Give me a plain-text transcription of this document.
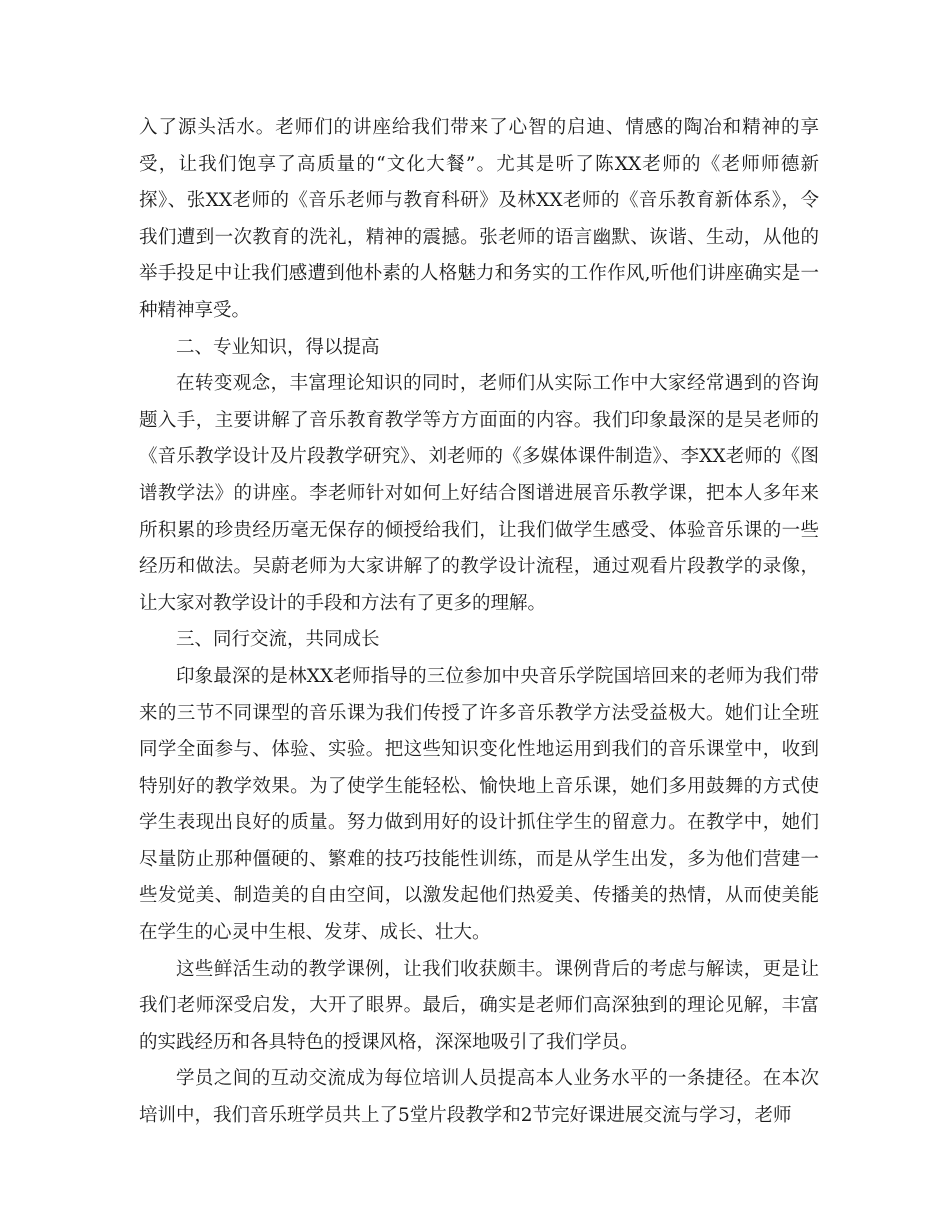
入了源头活水。老师们的讲座给我们带来了心智的启迪、情感的陶冶和精神的享受，让我们饱享了高质量的“文化大餐”。尤其是听了陈XX老师的《老师师德新探》、张XX老师的《音乐老师与教育科研》及林XX老师的《音乐教育新体系》，令我们遭到一次教育的洗礼，精神的震撼。张老师的语言幽默、诙谐、生动，从他的举手投足中让我们感遭到他朴素的人格魅力和务实的工作作风,听他们讲座确实是一种精神享受。

二、专业知识，得以提高

在转变观念，丰富理论知识的同时，老师们从实际工作中大家经常遇到的咨询题入手，主要讲解了音乐教育教学等方方面面的内容。我们印象最深的是吴老师的《音乐教学设计及片段教学研究》、刘老师的《多媒体课件制造》、李XX老师的《图谱教学法》的讲座。李老师针对如何上好结合图谱进展音乐教学课，把本人多年来所积累的珍贵经历毫无保存的倾授给我们，让我们做学生感受、体验音乐课的一些经历和做法。吴蔚老师为大家讲解了的教学设计流程，通过观看片段教学的录像，让大家对教学设计的手段和方法有了更多的理解。

三、同行交流，共同成长

印象最深的是林XX老师指导的三位参加中央音乐学院国培回来的老师为我们带来的三节不同课型的音乐课为我们传授了许多音乐教学方法受益极大。她们让全班同学全面参与、体验、实验。把这些知识变化性地运用到我们的音乐课堂中，收到特别好的教学效果。为了使学生能轻松、愉快地上音乐课，她们多用鼓舞的方式使学生表现出良好的质量。努力做到用好的设计抓住学生的留意力。在教学中，她们尽量防止那种僵硬的、繁难的技巧技能性训练，而是从学生出发，多为他们营建一些发觉美、制造美的自由空间，以激发起他们热爱美、传播美的热情，从而使美能在学生的心灵中生根、发芽、成长、壮大。

这些鲜活生动的教学课例，让我们收获颇丰。课例背后的考虑与解读，更是让我们老师深受启发，大开了眼界。最后，确实是老师们高深独到的理论见解，丰富的实践经历和各具特色的授课风格，深深地吸引了我们学员。

学员之间的互动交流成为每位培训人员提高本人业务水平的一条捷径。在本次培训中，我们音乐班学员共上了5堂片段教学和2节完好课进展交流与学习，老师
